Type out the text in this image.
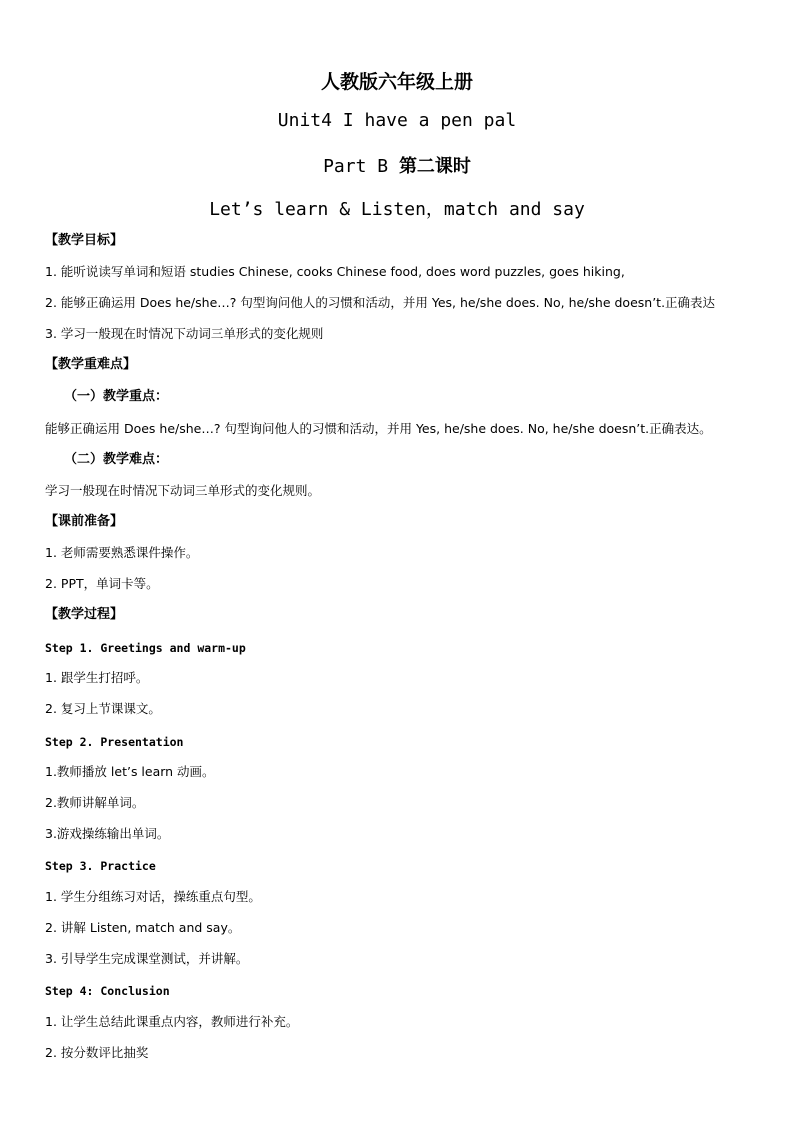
人教版六年级上册
Unit4 I have a pen pal
Part B 第二课时
Let’s learn & Listen，match and say
【教学目标】
1. 能听说读写单词和短语 studies Chinese, cooks Chinese food, does word puzzles, goes hiking,
2. 能够正确运用 Does he/she…? 句型询问他人的习惯和活动，并用 Yes, he/she does. No, he/she doesn’t.正确表达
3. 学习一般现在时情况下动词三单形式的变化规则
【教学重难点】
（一）教学重点：
能够正确运用 Does he/she…? 句型询问他人的习惯和活动，并用 Yes, he/she does. No, he/she doesn’t.正确表达。
（二）教学难点：
学习一般现在时情况下动词三单形式的变化规则。
【课前准备】
1. 老师需要熟悉课件操作。
2. PPT，单词卡等。
【教学过程】
Step 1. Greetings and warm-up
1. 跟学生打招呼。
2. 复习上节课课文。
Step 2. Presentation
1.教师播放 let’s learn 动画。
2.教师讲解单词。
3.游戏操练输出单词。
Step 3. Practice
1. 学生分组练习对话，操练重点句型。
2. 讲解 Listen, match and say。
3. 引导学生完成课堂测试，并讲解。
Step 4: Conclusion
1. 让学生总结此课重点内容，教师进行补充。
2. 按分数评比抽奖
